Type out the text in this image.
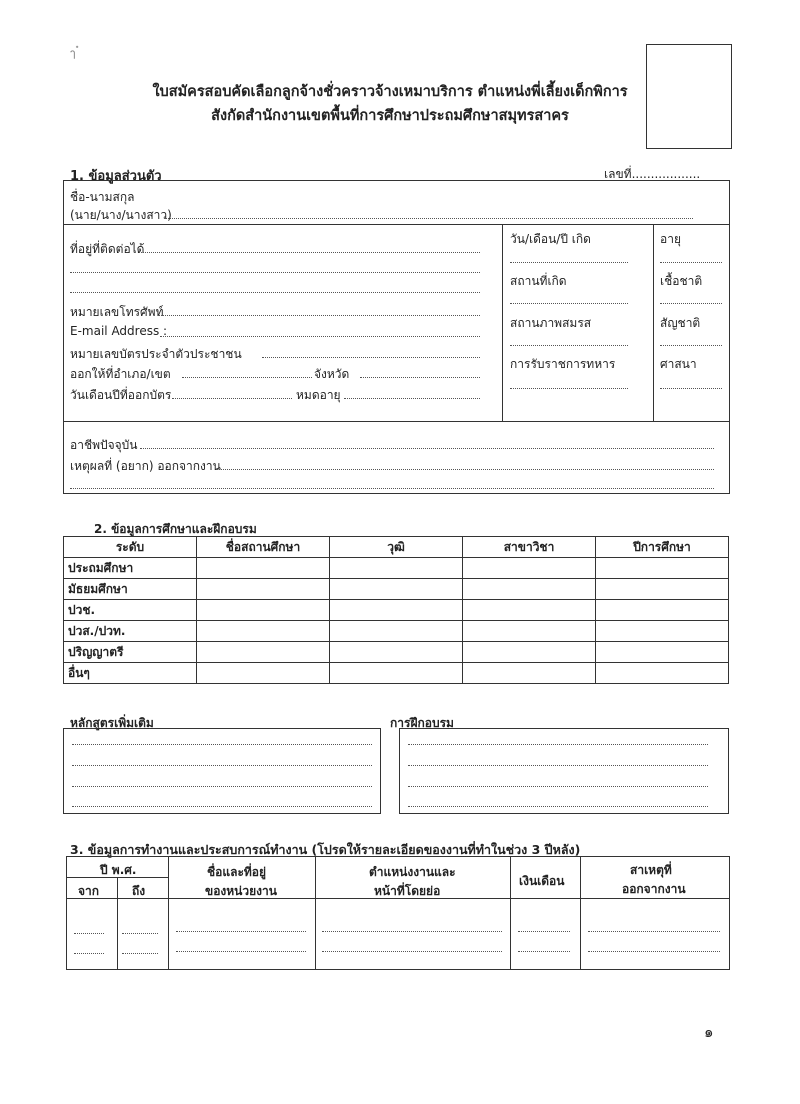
ๅ ๋
ใบสมัครสอบคัดเลือกลูกจ้างชั่วคราวจ้างเหมาบริการ ตำแหน่งพี่เลี้ยงเด็กพิการ
สังกัดสำนักงานเขตพื้นที่การศึกษาประถมศึกษาสมุทรสาคร
1. ข้อมูลส่วนตัว	เลขที่..................
ชื่อ-นามสกุล
(นาย/นาง/นางสาว)
ที่อยู่ที่ติดต่อได้
หมายเลขโทรศัพท์
E-mail Address :
หมายเลขบัตรประจำตัวประชาชน
ออกให้ที่อำเภอ/เขต	จังหวัด
วันเดือนปีที่ออกบัตร	หมดอายุ
วัน/เดือน/ปี เกิด
สถานที่เกิด
สถานภาพสมรส
การรับราชการทหาร
อายุ
เชื้อชาติ
สัญชาติ
ศาสนา
อาชีพปัจจุบัน
เหตุผลที่ (อยาก) ออกจากงาน
2. ข้อมูลการศึกษาและฝึกอบรม
ระดับ	ชื่อสถานศึกษา	วุฒิ	สาขาวิชา	ปีการศึกษา
ประถมศึกษา				
มัธยมศึกษา				
ปวช.				
ปวส./ปวท.				
ปริญญาตรี				
อื่นๆ				
หลักสูตรเพิ่มเติม	การฝึกอบรม
3. ข้อมูลการทำงานและประสบการณ์ทำงาน (โปรดให้รายละเอียดของงานที่ทำในช่วง 3 ปีหลัง)
ปี พ.ศ.
จาก	ถึง
ชื่อและที่อยู่
ของหน่วยงาน
ตำแหน่งงานและ
หน้าที่โดยย่อ
เงินเดือน
สาเหตุที่
ออกจากงาน
๑
